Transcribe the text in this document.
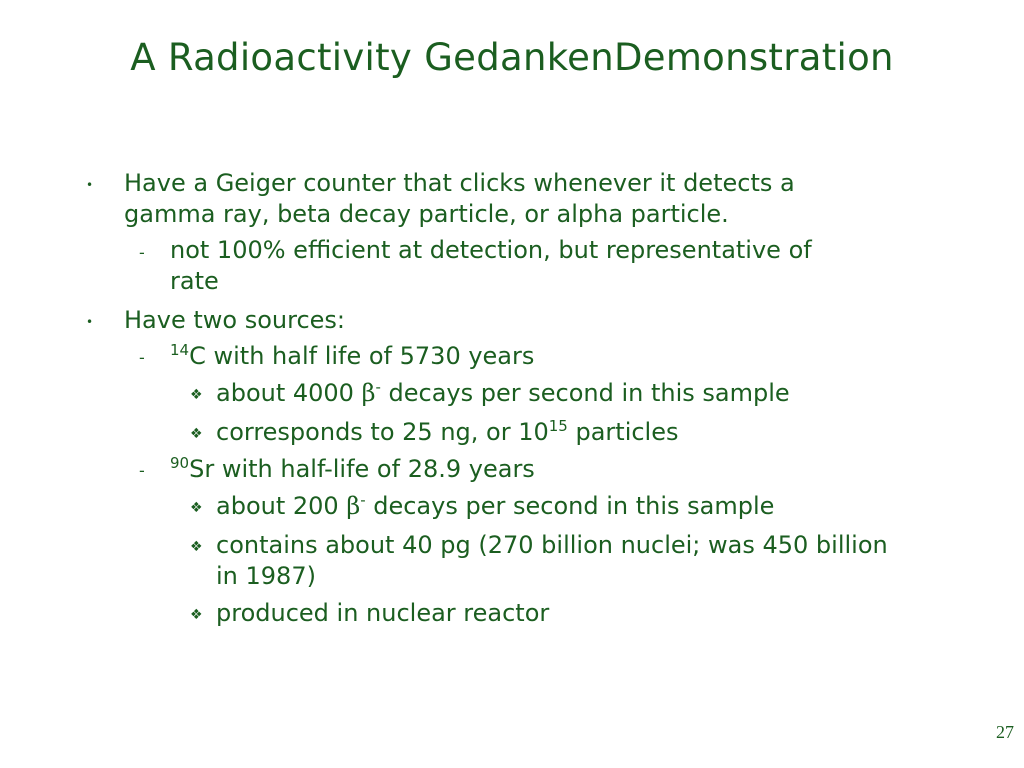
A Radioactivity GedankenDemonstration
• Have a Geiger counter that clicks whenever it detects a
gamma ray, beta decay particle, or alpha particle.
- not 100% efficient at detection, but representative of
rate
• Have two sources:
- $^{14}$C with half life of 5730 years
❖ about 4000 β- decays per second in this sample
❖ corresponds to 25 ng, or $10^{15}$ particles
- $^{90}$Sr with half-life of 28.9 years
❖ about 200 β- decays per second in this sample
❖ contains about 40 pg (270 billion nuclei; was 450 billion
in 1987)
❖ produced in nuclear reactor
27
